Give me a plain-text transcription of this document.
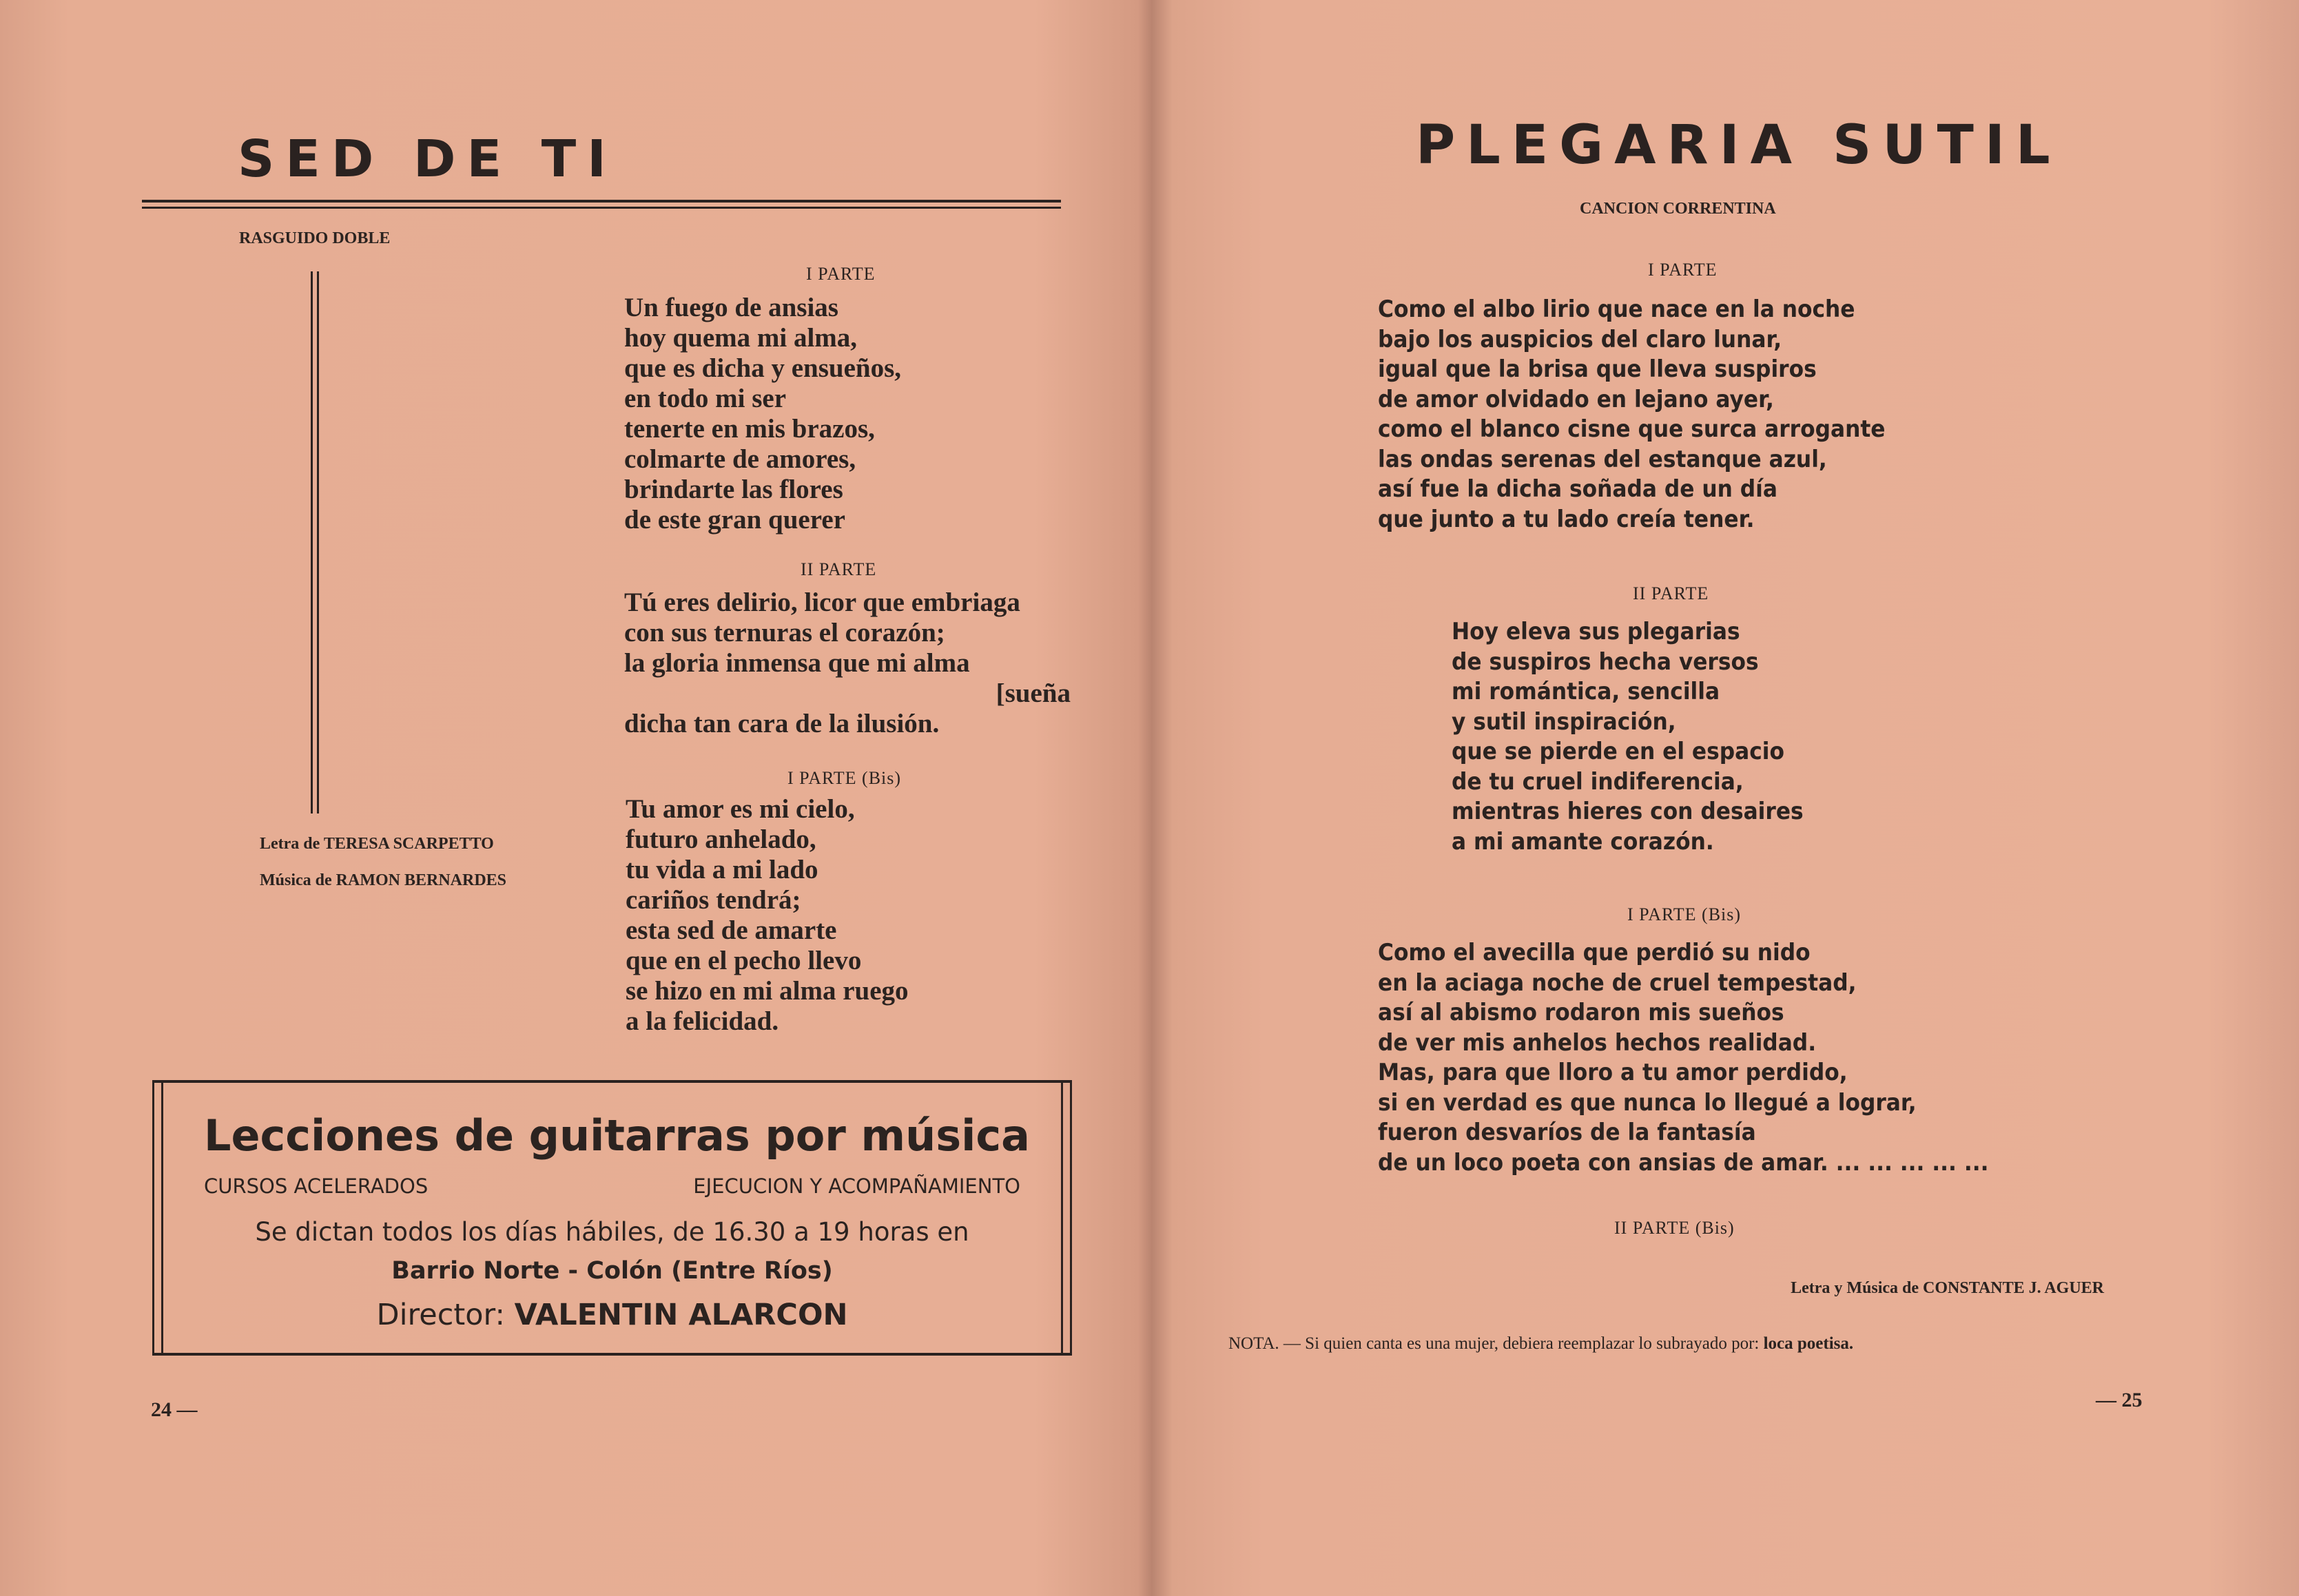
SED DE TI
RASGUIDO DOBLE
I PARTE
Un fuego de ansias
hoy quema mi alma,
que es dicha y ensueños,
en todo mi ser
tenerte en mis brazos,
colmarte de amores,
brindarte las flores
de este gran querer
II PARTE
Tú eres delirio, licor que embriaga
con sus ternuras el corazón;
la gloria inmensa que mi alma
[sueña
dicha tan cara de la ilusión.
I PARTE (Bis)
Tu amor es mi cielo,
futuro anhelado,
tu vida a mi lado
cariños tendrá;
esta sed de amarte
que en el pecho llevo
se hizo en mi alma ruego
a la felicidad.
Letra de TERESA SCARPETTO
Música de RAMON BERNARDES
Lecciones de guitarras por música
CURSOS ACELERADOS	EJECUCION Y ACOMPAÑAMIENTO
Se dictan todos los días hábiles, de 16.30 a 19 horas en
Barrio Norte - Colón (Entre Ríos)
Director: VALENTIN ALARCON
24 —
PLEGARIA SUTIL
CANCION CORRENTINA
I PARTE
Como el albo lirio que nace en la noche
bajo los auspicios del claro lunar,
igual que la brisa que lleva suspiros
de amor olvidado en lejano ayer,
como el blanco cisne que surca arrogante
las ondas serenas del estanque azul,
así fue la dicha soñada de un día
que junto a tu lado creía tener.
II PARTE
Hoy eleva sus plegarias
de suspiros hecha versos
mi romántica, sencilla
y sutil inspiración,
que se pierde en el espacio
de tu cruel indiferencia,
mientras hieres con desaires
a mi amante corazón.
I PARTE (Bis)
Como el avecilla que perdió su nido
en la aciaga noche de cruel tempestad,
así al abismo rodaron mis sueños
de ver mis anhelos hechos realidad.
Mas, para que lloro a tu amor perdido,
si en verdad es que nunca lo llegué a lograr,
fueron desvaríos de la fantasía
de un loco poeta con ansias de amar. ... ... ... ... ...
II PARTE (Bis)
Letra y Música de CONSTANTE J. AGUER
NOTA. — Si quien canta es una mujer, debiera reemplazar lo subrayado por: loca poetisa.
— 25
